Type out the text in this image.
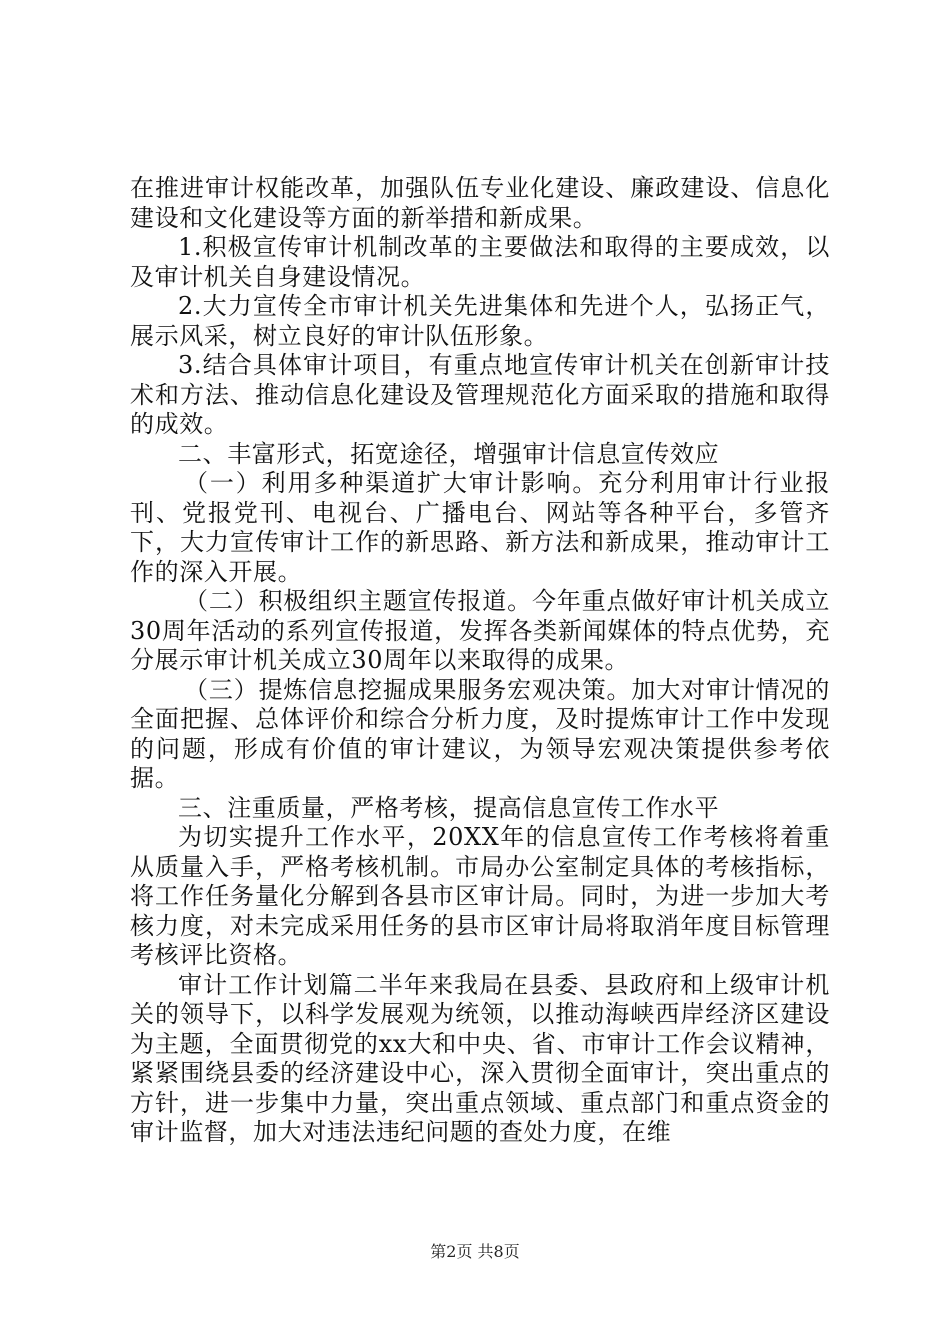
在推进审计权能改革，加强队伍专业化建设、廉政建设、信息化建设和文化建设等方面的新举措和新成果。

1.积极宣传审计机制改革的主要做法和取得的主要成效，以及审计机关自身建设情况。

2.大力宣传全市审计机关先进集体和先进个人，弘扬正气，展示风采，树立良好的审计队伍形象。

3.结合具体审计项目，有重点地宣传审计机关在创新审计技术和方法、推动信息化建设及管理规范化方面采取的措施和取得的成效。

二、丰富形式，拓宽途径，增强审计信息宣传效应

（一）利用多种渠道扩大审计影响。充分利用审计行业报刊、党报党刊、电视台、广播电台、网站等各种平台，多管齐下，大力宣传审计工作的新思路、新方法和新成果，推动审计工作的深入开展。

（二）积极组织主题宣传报道。今年重点做好审计机关成立30周年活动的系列宣传报道，发挥各类新闻媒体的特点优势，充分展示审计机关成立30周年以来取得的成果。

（三）提炼信息挖掘成果服务宏观决策。加大对审计情况的全面把握、总体评价和综合分析力度，及时提炼审计工作中发现的问题，形成有价值的审计建议，为领导宏观决策提供参考依据。

三、注重质量，严格考核，提高信息宣传工作水平

为切实提升工作水平，20XX年的信息宣传工作考核将着重从质量入手，严格考核机制。市局办公室制定具体的考核指标，将工作任务量化分解到各县市区审计局。同时，为进一步加大考核力度，对未完成采用任务的县市区审计局将取消年度目标管理考核评比资格。

审计工作计划篇二半年来我局在县委、县政府和上级审计机关的领导下，以科学发展观为统领，以推动海峡西岸经济区建设为主题，全面贯彻党的xx大和中央、省、市审计工作会议精神，紧紧围绕县委的经济建设中心，深入贯彻全面审计，突出重点的方针，进一步集中力量，突出重点领域、重点部门和重点资金的审计监督，加大对违法违纪问题的查处力度，在维

第2页 共8页
